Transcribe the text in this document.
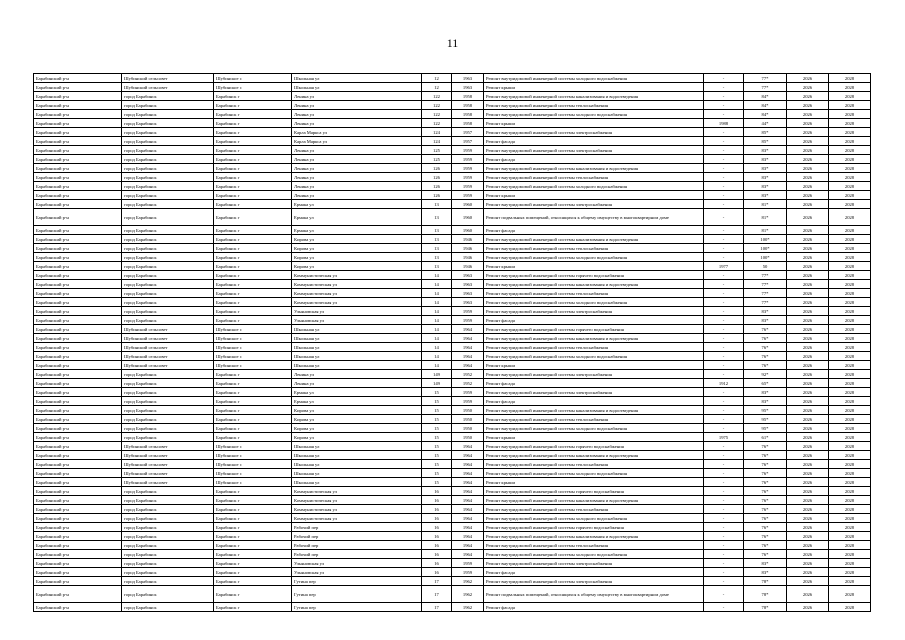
11
Барабинский р-н	Шубинский сельсовет	Шубинское с	Школьная ул	12	1963	Ремонт внутридомовой инженерной системы холодного водоснабжения	-	77*	2026	2028
Барабинский р-н	Шубинский сельсовет	Шубинское с	Школьная ул	12	1963	Ремонт крыши	-	77*	2026	2028
Барабинский р-н	город Барабинск	Барабинск г	Ленина ул	122	1958	Ремонт внутридомовой инженерной системы канализования и водоотведения	-	84*	2026	2028
Барабинский р-н	город Барабинск	Барабинск г	Ленина ул	122	1958	Ремонт внутридомовой инженерной системы теплоснабжения	-	84*	2026	2028
Барабинский р-н	город Барабинск	Барабинск г	Ленина ул	122	1958	Ремонт внутридомовой инженерной системы холодного водоснабжения	-	84*	2026	2028
Барабинский р-н	город Барабинск	Барабинск г	Ленина ул	122	1958	Ремонт крыши	1988	44*	2026	2028
Барабинский р-н	город Барабинск	Барабинск г	Карла Маркса ул	124	1957	Ремонт внутридомовой инженерной системы электроснабжения	-	85*	2026	2028
Барабинский р-н	город Барабинск	Барабинск г	Карла Маркса ул	124	1957	Ремонт фасада	-	85*	2026	2028
Барабинский р-н	город Барабинск	Барабинск г	Ленина ул	125	1959	Ремонт внутридомовой инженерной системы электроснабжения	-	83*	2026	2028
Барабинский р-н	город Барабинск	Барабинск г	Ленина ул	125	1959	Ремонт фасада	-	83*	2026	2028
Барабинский р-н	город Барабинск	Барабинск г	Ленина ул	126	1959	Ремонт внутридомовой инженерной системы канализования и водоотведения	-	83*	2026	2028
Барабинский р-н	город Барабинск	Барабинск г	Ленина ул	126	1959	Ремонт внутридомовой инженерной системы теплоснабжения	-	83*	2026	2028
Барабинский р-н	город Барабинск	Барабинск г	Ленина ул	126	1959	Ремонт внутридомовой инженерной системы холодного водоснабжения	-	83*	2026	2028
Барабинский р-н	город Барабинск	Барабинск г	Ленина ул	126	1959	Ремонт крыши	-	83*	2026	2028
Барабинский р-н	город Барабинск	Барабинск г	Ермака ул	13	1960	Ремонт внутридомовой инженерной системы электроснабжения	-	81*	2026	2028
Барабинский р-н	город Барабинск	Барабинск г	Ермака ул	13	1960	Ремонт подвальных помещений, относящихся к общему имуществу в многоквартирном доме	-	81*	2026	2028
Барабинский р-н	город Барабинск	Барабинск г	Ермака ул	13	1960	Ремонт фасада	-	81*	2026	2028
Барабинский р-н	город Барабинск	Барабинск г	Кирова ул	13	1946	Ремонт внутридомовой инженерной системы канализования и водоотведения	-	100*	2026	2028
Барабинский р-н	город Барабинск	Барабинск г	Кирова ул	13	1946	Ремонт внутридомовой инженерной системы теплоснабжения	-	100*	2026	2028
Барабинский р-н	город Барабинск	Барабинск г	Кирова ул	13	1946	Ремонт внутридомовой инженерной системы холодного водоснабжения	-	100*	2026	2028
Барабинский р-н	город Барабинск	Барабинск г	Кирова ул	13	1946	Ремонт крыши	1977	50	2026	2028
Барабинский р-н	город Барабинск	Барабинск г	Коммунистическая ул	14	1963	Ремонт внутридомовой инженерной системы горячего водоснабжения	-	77*	2026	2028
Барабинский р-н	город Барабинск	Барабинск г	Коммунистическая ул	14	1963	Ремонт внутридомовой инженерной системы канализования и водоотведения	-	77*	2026	2028
Барабинский р-н	город Барабинск	Барабинск г	Коммунистическая ул	14	1963	Ремонт внутридомовой инженерной системы теплоснабжения	-	77*	2026	2028
Барабинский р-н	город Барабинск	Барабинск г	Коммунистическая ул	14	1963	Ремонт внутридомовой инженерной системы холодного водоснабжения	-	77*	2026	2028
Барабинский р-н	город Барабинск	Барабинск г	Ульяновская ул	14	1959	Ремонт внутридомовой инженерной системы электроснабжения	-	83*	2026	2028
Барабинский р-н	город Барабинск	Барабинск г	Ульяновская ул	14	1959	Ремонт фасада	-	83*	2026	2028
Барабинский р-н	Шубинский сельсовет	Шубинское с	Школьная ул	14	1964	Ремонт внутридомовой инженерной системы горячего водоснабжения	-	76*	2026	2028
Барабинский р-н	Шубинский сельсовет	Шубинское с	Школьная ул	14	1964	Ремонт внутридомовой инженерной системы канализования и водоотведения	-	76*	2026	2028
Барабинский р-н	Шубинский сельсовет	Шубинское с	Школьная ул	14	1964	Ремонт внутридомовой инженерной системы теплоснабжения	-	76*	2026	2028
Барабинский р-н	Шубинский сельсовет	Шубинское с	Школьная ул	14	1964	Ремонт внутридомовой инженерной системы холодного водоснабжения	-	76*	2026	2028
Барабинский р-н	Шубинский сельсовет	Шубинское с	Школьная ул	14	1964	Ремонт крыши	-	76*	2026	2028
Барабинский р-н	город Барабинск	Барабинск г	Ленина ул	149	1952	Ремонт внутридомовой инженерной системы электроснабжения	-	92*	2026	2028
Барабинский р-н	город Барабинск	Барабинск г	Ленина ул	149	1952	Ремонт фасада	1912	65*	2026	2028
Барабинский р-н	город Барабинск	Барабинск г	Ермака ул	15	1959	Ремонт внутридомовой инженерной системы электроснабжения	-	83*	2026	2028
Барабинский р-н	город Барабинск	Барабинск г	Ермака ул	15	1959	Ремонт фасада	-	83*	2026	2028
Барабинский р-н	город Барабинск	Барабинск г	Кирова ул	15	1950	Ремонт внутридомовой инженерной системы канализования и водоотведения	-	95*	2026	2028
Барабинский р-н	город Барабинск	Барабинск г	Кирова ул	15	1950	Ремонт внутридомовой инженерной системы теплоснабжения	-	95*	2026	2028
Барабинский р-н	город Барабинск	Барабинск г	Кирова ул	15	1950	Ремонт внутридомовой инженерной системы холодного водоснабжения	-	95*	2026	2028
Барабинский р-н	город Барабинск	Барабинск г	Кирова ул	15	1950	Ремонт крыши	1975	61*	2026	2028
Барабинский р-н	Шубинский сельсовет	Шубинское с	Школьная ул	15	1964	Ремонт внутридомовой инженерной системы горячего водоснабжения	-	76*	2026	2028
Барабинский р-н	Шубинский сельсовет	Шубинское с	Школьная ул	15	1964	Ремонт внутридомовой инженерной системы канализования и водоотведения	-	76*	2026	2028
Барабинский р-н	Шубинский сельсовет	Шубинское с	Школьная ул	15	1964	Ремонт внутридомовой инженерной системы теплоснабжения	-	76*	2026	2028
Барабинский р-н	Шубинский сельсовет	Шубинское с	Школьная ул	15	1964	Ремонт внутридомовой инженерной системы холодного водоснабжения	-	76*	2026	2028
Барабинский р-н	Шубинский сельсовет	Шубинское с	Школьная ул	15	1964	Ремонт крыши	-	76*	2026	2028
Барабинский р-н	город Барабинск	Барабинск г	Коммунистическая ул	16	1964	Ремонт внутридомовой инженерной системы горячего водоснабжения	-	76*	2026	2028
Барабинский р-н	город Барабинск	Барабинск г	Коммунистическая ул	16	1964	Ремонт внутридомовой инженерной системы канализования и водоотведения	-	76*	2026	2028
Барабинский р-н	город Барабинск	Барабинск г	Коммунистическая ул	16	1964	Ремонт внутридомовой инженерной системы теплоснабжения	-	76*	2026	2028
Барабинский р-н	город Барабинск	Барабинск г	Коммунистическая ул	16	1964	Ремонт внутридомовой инженерной системы холодного водоснабжения	-	76*	2026	2028
Барабинский р-н	город Барабинск	Барабинск г	Рабочий пер	16	1964	Ремонт внутридомовой инженерной системы горячего водоснабжения	-	76*	2026	2028
Барабинский р-н	город Барабинск	Барабинск г	Рабочий пер	16	1964	Ремонт внутридомовой инженерной системы канализования и водоотведения	-	76*	2026	2028
Барабинский р-н	город Барабинск	Барабинск г	Рабочий пер	16	1964	Ремонт внутридомовой инженерной системы теплоснабжения	-	76*	2026	2028
Барабинский р-н	город Барабинск	Барабинск г	Рабочий пер	16	1964	Ремонт внутридомовой инженерной системы холодного водоснабжения	-	76*	2026	2028
Барабинский р-н	город Барабинск	Барабинск г	Ульяновская ул	16	1959	Ремонт внутридомовой инженерной системы электроснабжения	-	83*	2026	2028
Барабинский р-н	город Барабинск	Барабинск г	Ульяновская ул	16	1959	Ремонт фасада	-	83*	2026	2028
Барабинский р-н	город Барабинск	Барабинск г	Гутина пер	17	1962	Ремонт внутридомовой инженерной системы электроснабжения	-	78*	2026	2028
Барабинский р-н	город Барабинск	Барабинск г	Гутина пер	17	1962	Ремонт подвальных помещений, относящихся к общему имуществу в многоквартирном доме	-	78*	2026	2028
Барабинский р-н	город Барабинск	Барабинск г	Гутина пер	17	1962	Ремонт фасада	-	78*	2026	2028
